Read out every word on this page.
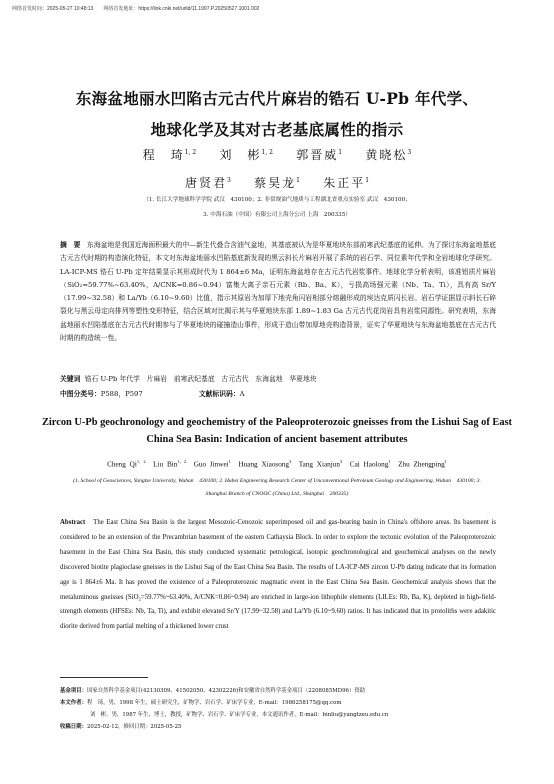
网络首发时间：2025-05-27 10:48:13　　网络首发地址：https://link.cnki.net/urlid/11.1997.P.20250527.1001.002
东海盆地丽水凹陷古元古代片麻岩的锆石 U-Pb 年代学、
地球化学及其对古老基底属性的指示
程　琦$^{1, 2}$ 刘　彬$^{1, 2}$ 郭晋威$^1$ 黄晓松$^3$
唐贤君$^3$ 蔡昊龙$^1$ 朱正平$^1$
（1. 长江大学地球科学学院 武汉　430100；2. 非常规油气地质与工程湖北省重点实验室 武汉　430100；
3. 中海石油（中国）有限公司上海分公司 上海　200335）
摘　要 东海盆地是我国近海面积最大的中—新生代叠合含油气盆地，其基底被认为是华夏地块东部前寒武纪基底的延伸。为了探讨东海盆地基底古元古代时期的构造演化特征，本文对东海盆地丽水凹陷基底新发现的黑云斜长片麻岩开展了系统的岩石学、同位素年代学和全岩地球化学研究。LA-ICP-MS 锆石 U-Pb 定年结果显示其形成时代为 1 864±6 Ma，证明东海盆地存在古元古代岩浆事件。地球化学分析表明，该准铝质片麻岩（SiO₂=59.77%~63.40%，A/CNK=0.86~0.94）富集大离子亲石元素（Rb、Ba、K），亏损高场强元素（Nb、Ta、Ti），具有高 Sr/Y（17.99~32.58）和 La/Yb（6.10~9.60）比值，指示其原岩为加厚下地壳角闪岩相部分熔融形成的埃达克质闪长岩。岩石学证据显示斜长石碎裂化与黑云母定向排列等塑性变形特征，结合区域对比揭示其与华夏地块东部 1.89~1.83 Ga 古元古代花岗岩具有岩浆同源性。研究表明，东海盆地丽水凹陷基底在古元古代时期参与了华夏地块的碰撞造山事件，形成于造山带加厚地壳构造背景，证实了华夏地块与东海盆地基底在古元古代时期的构造统一性。
关键词 锆石 U-Pb 年代学　片麻岩　前寒武纪基底　古元古代　东海盆地　华夏地块
中图分类号：P588，P597	文献标识码：A
Zircon U-Pb geochronology and geochemistry of the Paleoproterozoic gneisses from the Lishui Sag of East China Sea Basin: Indication of ancient basement attributes
Cheng Qi$^{1, 2}$ Liu Bin$^{1, 2}$ Guo Jinwei$^1$ Huang Xiaosong$^3$ Tang Xianjun$^3$ Cai Haolong$^1$ Zhu Zhengping$^1$
(1. School of Geosciences, Yangtze University, Wuhan　430100; 2. Hubei Engineering Research Center of Unconventional Petroleum Geology and Engineering, Wuhan　430100; 3. Shanghai Branch of CNOOC (China) Ltd., Shanghai　200335)
Abstract The East China Sea Basin is the largest Mesozoic-Cenozoic superimposed oil and gas-bearing basin in China's offshore areas. Its basement is considered to be an extension of the Precambrian basement of the eastern Cathaysia Block. In order to explore the tectonic evolution of the Paleoproterozoic basement in the East China Sea Basin, this study conducted systematic petrological, isotopic geochronological and geochemical analyses on the newly discovered biotite plagioclase gneisses in the Lishui Sag of the East China Sea Basin. The results of LA-ICP-MS zircon U-Pb dating indicate that its formation age is 1 864±6 Ma. It has proved the existence of a Paleoproterozoic magmatic event in the East China Sea Basin. Geochemical analysis shows that the metaluminous gneisses (SiO₂=59.77%~63.40%, A/CNK=0.86~0.94) are enriched in large-ion lithophile elements (LILEs: Rb, Ba, K), depleted in high-field-strength elements (HFSEs: Nb, Ta, Ti), and exhibit elevated Sr/Y (17.99~32.58) and La/Yb (6.10~9.60) ratios. It has indicated that its protoliths were adakitic diorite derived from partial melting of a thickened lower crust
基金项目：国家自然科学基金项目(42130309、41502050、42302226)和安徽省自然科学基金项目（2208085MD96）资助
本文作者：程　琦，男，1998 年生，硕士研究生，矿物学、岩石学、矿床学专业，E-mail：1986258175@qq.com
刘　彬，男，1987 年生，博士，教授，矿物学、岩石学、矿床学专业，本文通讯作者，E-mail：binliu@yangtzeu.edu.cn
收稿日期：2025-02-12，修回日期：2025-05-25
